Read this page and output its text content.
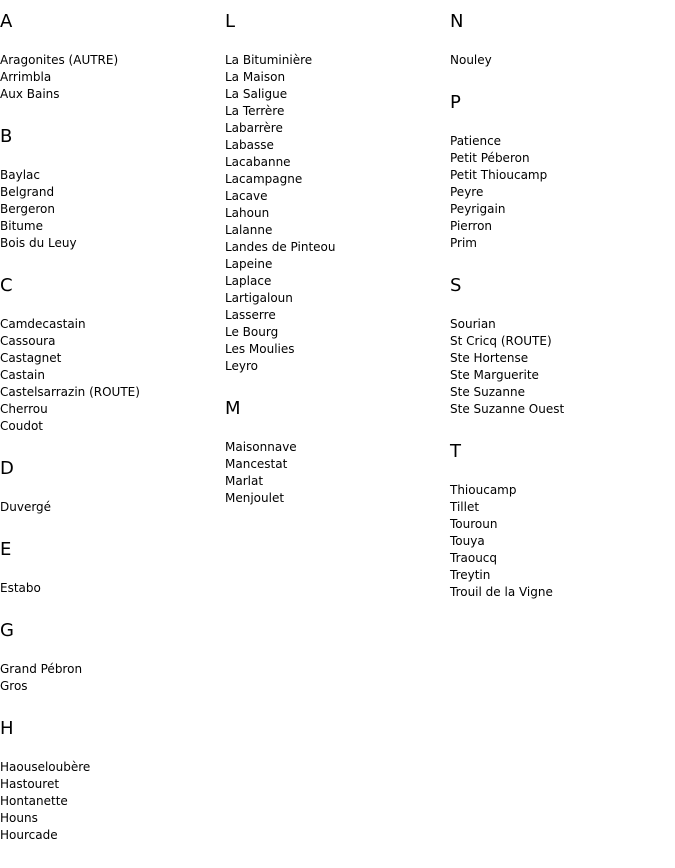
A
Aragonites (AUTRE)
Arrimbla
Aux Bains
B
Baylac
Belgrand
Bergeron
Bitume
Bois du Leuy
C
Camdecastain
Cassoura
Castagnet
Castain
Castelsarrazin (ROUTE)
Cherrou
Coudot
D
Duvergé
E
Estabo
G
Grand Pébron
Gros
H
Haouseloubère
Hastouret
Hontanette
Houns
Hourcade
L
La Bituminière
La Maison
La Saligue
La Terrère
Labarrère
Labasse
Lacabanne
Lacampagne
Lacave
Lahoun
Lalanne
Landes de Pinteou
Lapeine
Laplace
Lartigaloun
Lasserre
Le Bourg
Les Moulies
Leyro
M
Maisonnave
Mancestat
Marlat
Menjoulet
N
Nouley
P
Patience
Petit Péberon
Petit Thioucamp
Peyre
Peyrigain
Pierron
Prim
S
Sourian
St Cricq (ROUTE)
Ste Hortense
Ste Marguerite
Ste Suzanne
Ste Suzanne Ouest
T
Thioucamp
Tillet
Touroun
Touya
Traoucq
Treytin
Trouil de la Vigne
